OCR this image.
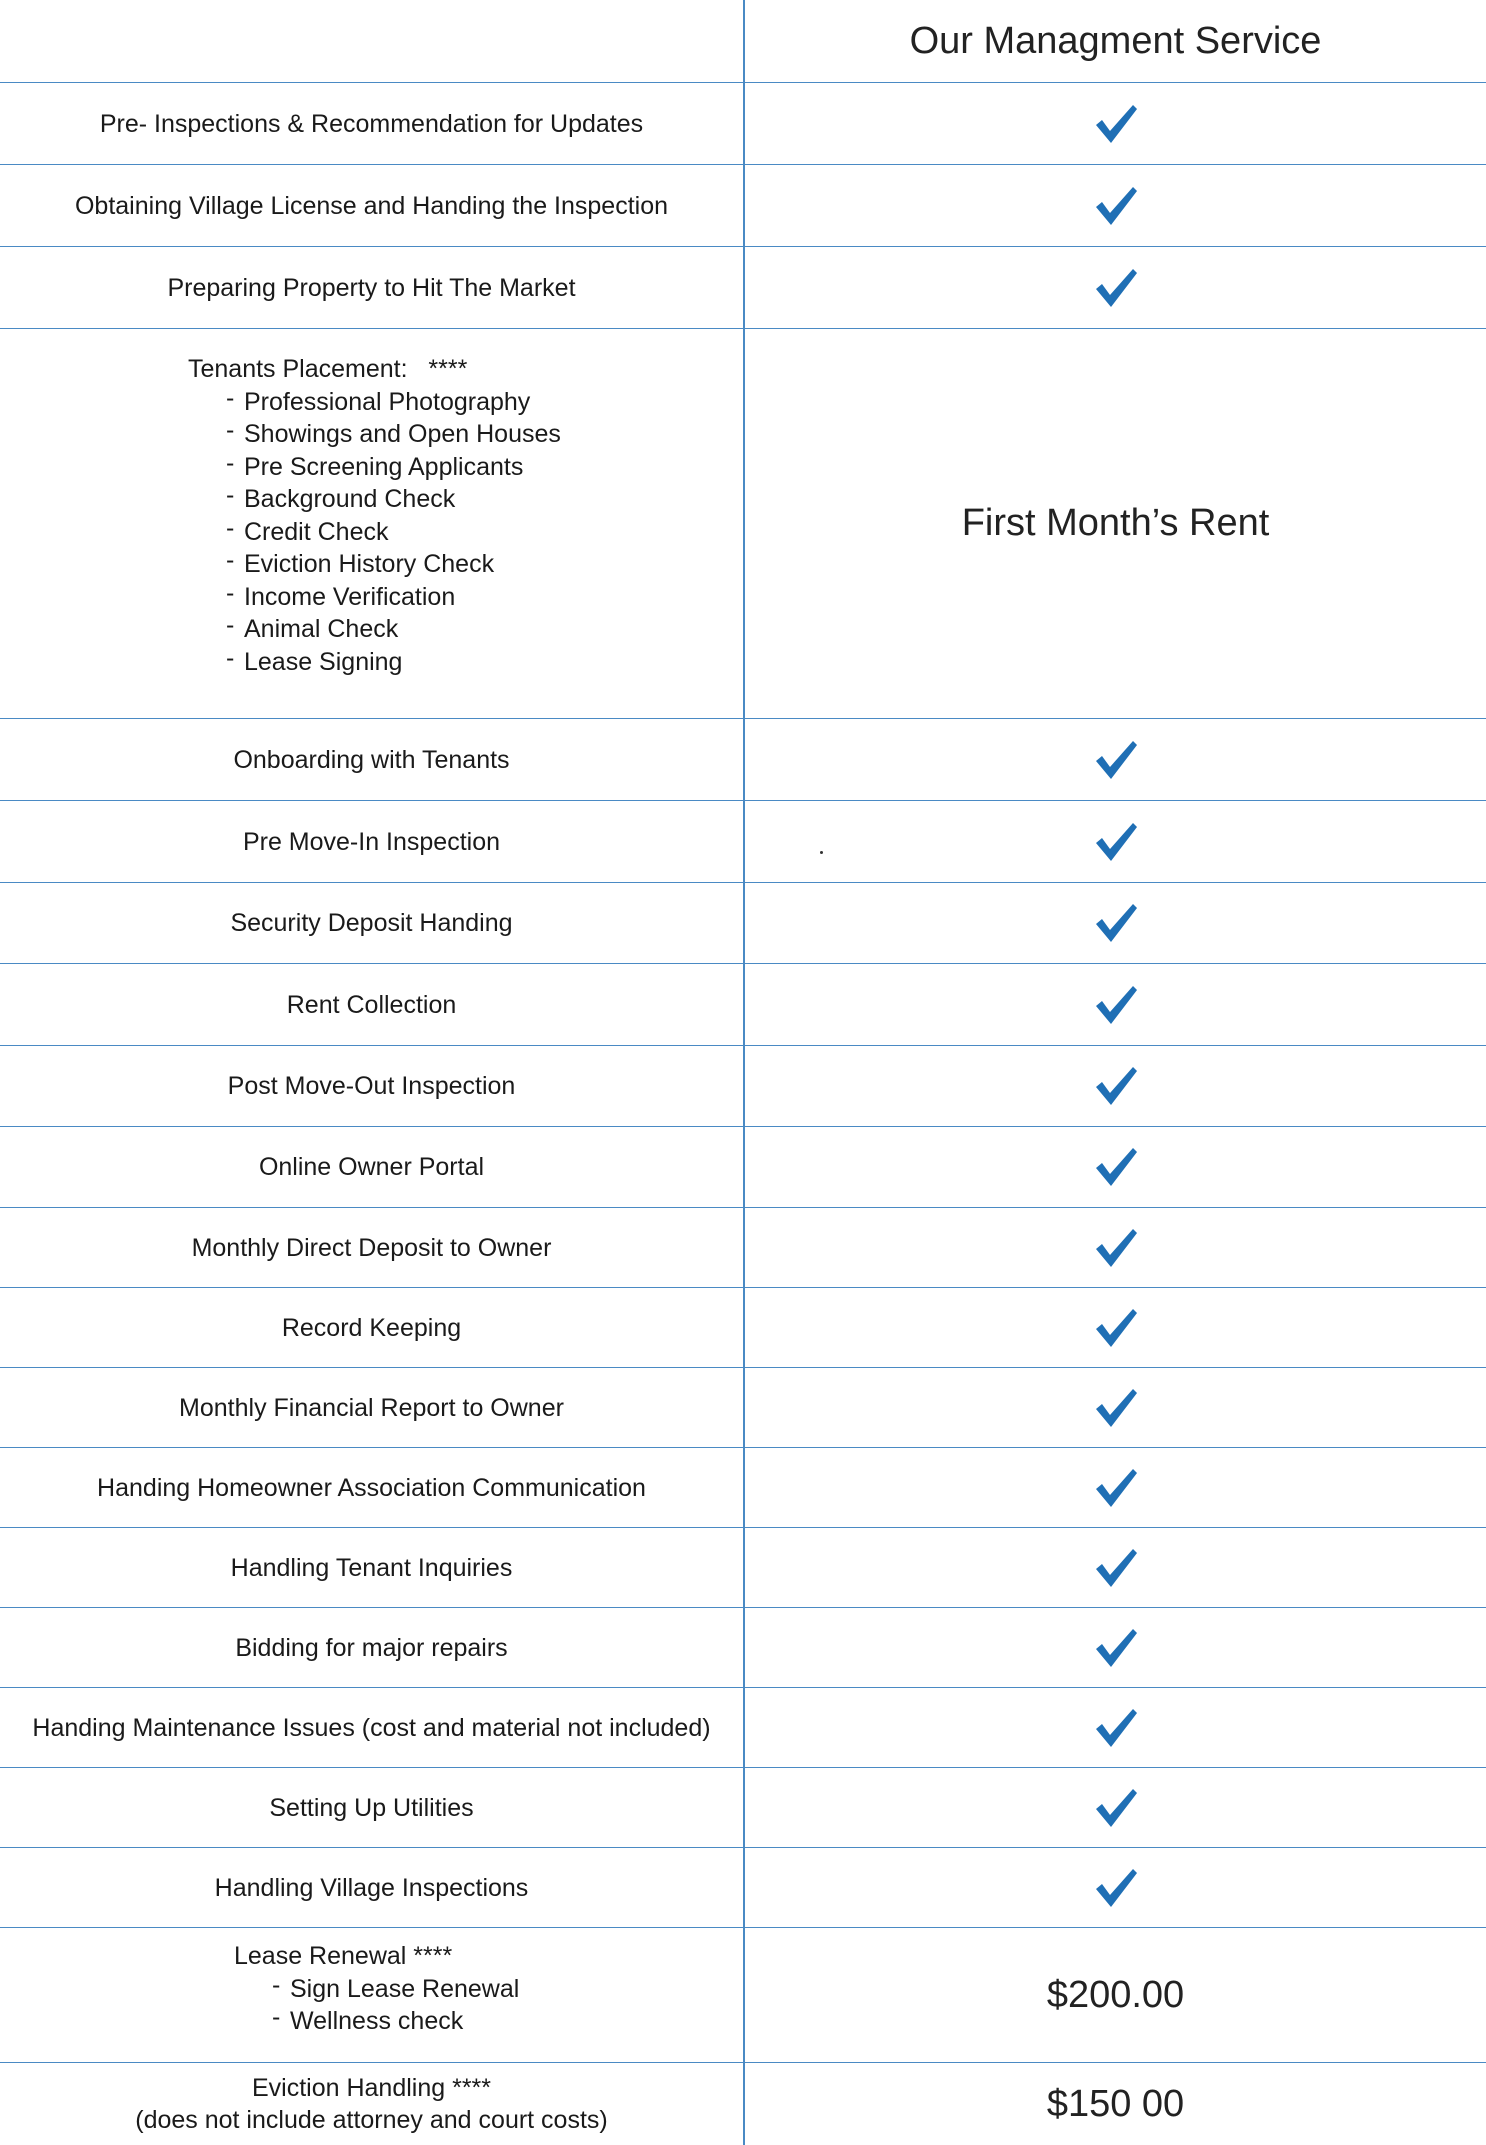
Our Managment Service
Pre- Inspections & Recommendation for Updates
Obtaining Village License and Handing the Inspection
Preparing Property to Hit The Market
Tenants Placement:   ****
- Professional Photography
- Showings and Open Houses
- Pre Screening Applicants
- Background Check
- Credit Check
- Eviction History Check
- Income Verification
- Animal Check
- Lease Signing
First Month’s Rent
Onboarding with Tenants
Pre Move-In Inspection
Security Deposit Handing
Rent Collection
Post Move-Out Inspection
Online Owner Portal
Monthly Direct Deposit to Owner
Record Keeping
Monthly Financial Report to Owner
Handing Homeowner Association Communication
Handling Tenant Inquiries
Bidding for major repairs
Handing Maintenance Issues (cost and material not included)
Setting Up Utilities
Handling Village Inspections
Lease Renewal ****
- Sign Lease Renewal
- Wellness check
$200.00
Eviction Handling ****
(does not include attorney and court costs)	$150 00
